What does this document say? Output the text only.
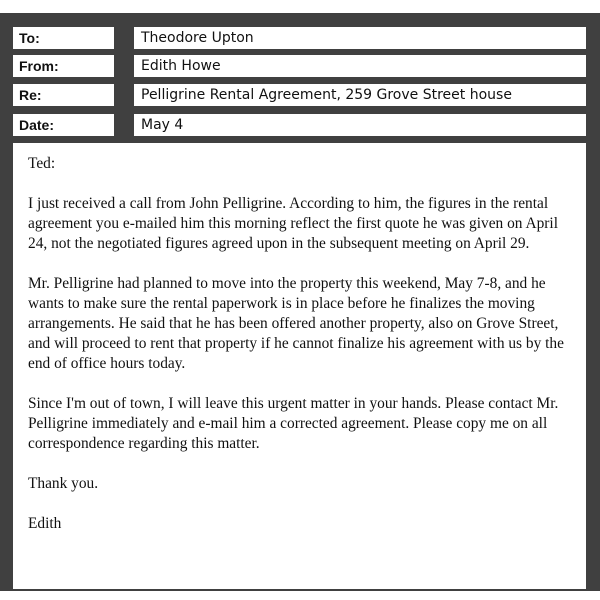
To:	Theodore Upton
From:	Edith Howe
Re:	Pelligrine Rental Agreement, 259 Grove Street house
Date:	May 4

Ted:

I just received a call from John Pelligrine. According to him, the figures in the rental agreement you e-mailed him this morning reflect the first quote he was given on April 24, not the negotiated figures agreed upon in the subsequent meeting on April 29.

Mr. Pelligrine had planned to move into the property this weekend, May 7-8, and he wants to make sure the rental paperwork is in place before he finalizes the moving arrangements. He said that he has been offered another property, also on Grove Street, and will proceed to rent that property if he cannot finalize his agreement with us by the end of office hours today.

Since I'm out of town, I will leave this urgent matter in your hands. Please contact Mr. Pelligrine immediately and e-mail him a corrected agreement. Please copy me on all correspondence regarding this matter.

Thank you.

Edith
